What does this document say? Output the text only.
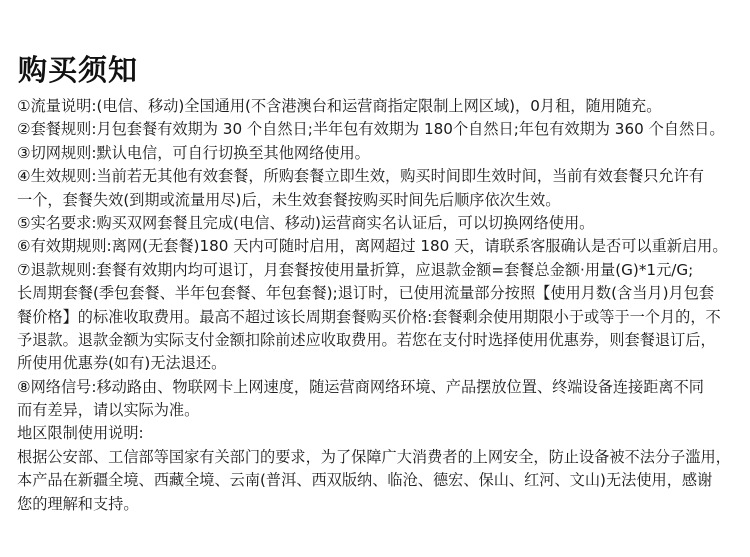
购买须知
①流量说明:(电信、移动)全国通用(不含港澳台和运营商指定限制上网区域)，0月租，随用随充。
②套餐规则:月包套餐有效期为 30 个自然日;半年包有效期为 180个自然日;年包有效期为 360 个自然日。
③切网规则:默认电信，可自行切换至其他网络使用。
④生效规则:当前若无其他有效套餐，所购套餐立即生效，购买时间即生效时间，当前有效套餐只允许有
一个，套餐失效(到期或流量用尽)后，未生效套餐按购买时间先后顺序依次生效。
⑤实名要求:购买双网套餐且完成(电信、移动)运营商实名认证后，可以切换网络使用。
⑥有效期规则:离网(无套餐)180 天内可随时启用，离网超过 180 天，请联系客服确认是否可以重新启用。
⑦退款规则:套餐有效期内均可退订，月套餐按使用量折算，应退款金额=套餐总金额·用量(G)*1元/G;
长周期套餐(季包套餐、半年包套餐、年包套餐);退订时，已使用流量部分按照【使用月数(含当月)月包套
餐价格】的标准收取费用。最高不超过该长周期套餐购买价格:套餐剩余使用期限小于或等于一个月的，不
予退款。退款金额为实际支付金额扣除前述应收取费用。若您在支付时选择使用优惠券，则套餐退订后，
所使用优惠券(如有)无法退还。
⑧网络信号:移动路由、物联网卡上网速度，随运营商网络环境、产品摆放位置、终端设备连接距离不同
而有差异，请以实际为准。
地区限制使用说明:
根据公安部、工信部等国家有关部门的要求，为了保障广大消费者的上网安全，防止设备被不法分子滥用，
本产品在新疆全境、西藏全境、云南(普洱、西双版纳、临沧、德宏、保山、红河、文山)无法使用，感谢
您的理解和支持。
